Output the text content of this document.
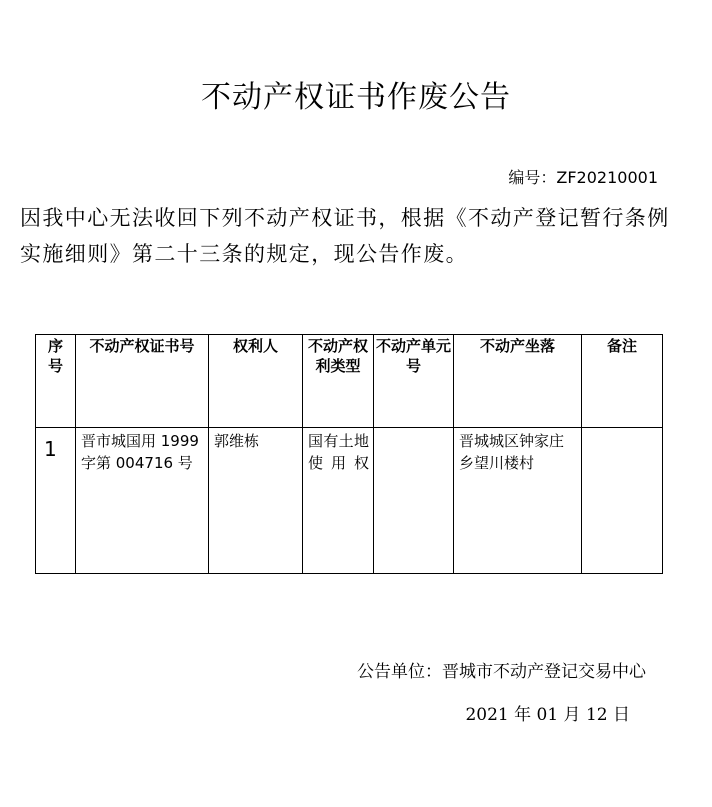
不动产权证书作废公告
编号：ZF20210001
因我中心无法收回下列不动产权证书，根据《不动产登记暂行条例实施细则》第二十三条的规定，现公告作废。
序号	不动产权证书号	权利人	不动产权利类型	不动产单元号	不动产坐落	备注
1	晋市城国用 1999 字第 004716 号	郭维栋	国有土地使用权		晋城城区钟家庄乡望川楼村	
公告单位：晋城市不动产登记交易中心
2021 年 01 月 12 日
